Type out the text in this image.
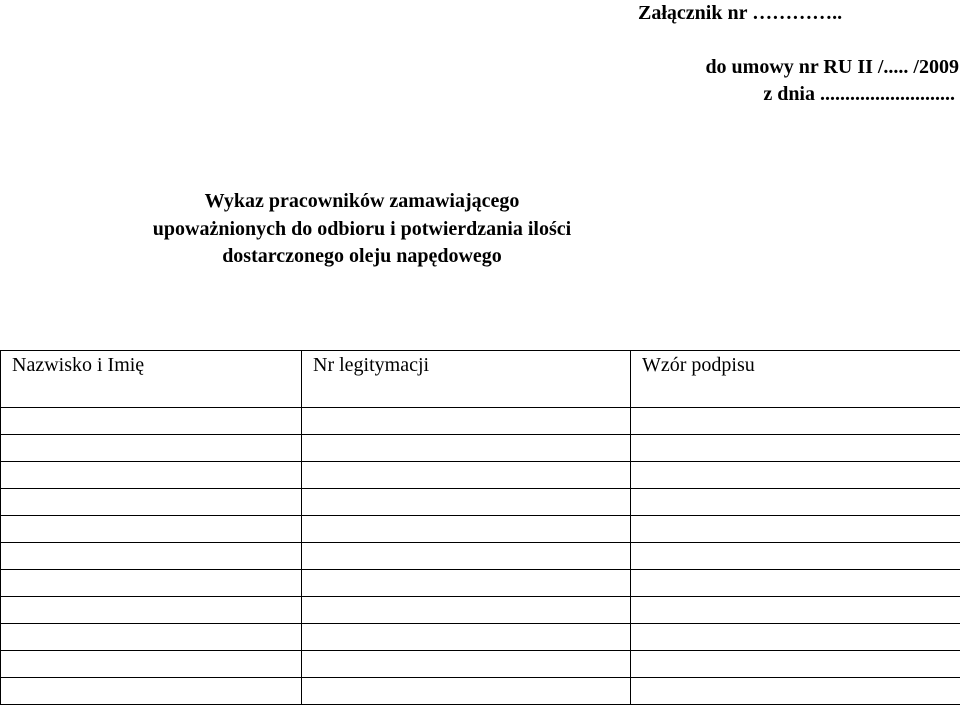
Załącznik nr …………..
do umowy nr RU II /..... /2009
z dnia ...........................
Wykaz pracowników zamawiającego
upoważnionych do odbioru i potwierdzania ilości
dostarczonego oleju napędowego
Nazwisko i Imię	Nr legitymacji	Wzór podpisu
